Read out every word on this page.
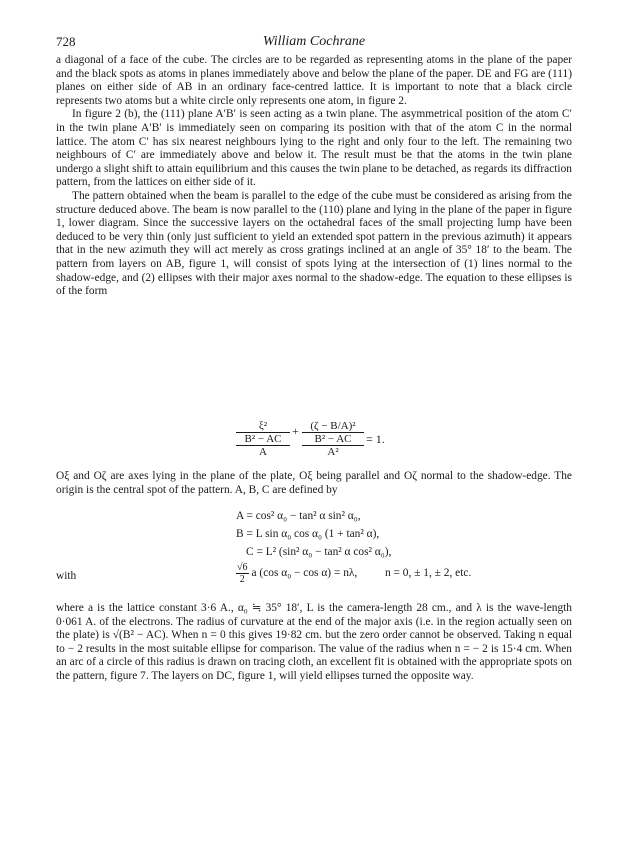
728	William Cochrane

a diagonal of a face of the cube. The circles are to be regarded as representing atoms in the plane of the paper and the black spots as atoms in planes immediately above and below the plane of the paper. DE and FG are (111) planes on either side of AB in an ordinary face-centred lattice. It is important to note that a black circle represents two atoms but a white circle only represents one atom, in figure 2.

In figure 2 (b), the (111) plane A′B′ is seen acting as a twin plane. The asymmetrical position of the atom C′ in the twin plane A′B′ is immediately seen on comparing its position with that of the atom C in the normal lattice. The atom C′ has six nearest neighbours lying to the right and only four to the left. The remaining two neighbours of C′ are immediately above and below it. The result must be that the atoms in the twin plane undergo a slight shift to attain equilibrium and this causes the twin plane to be detached, as regards its diffraction pattern, from the lattices on either side of it.

The pattern obtained when the beam is parallel to the edge of the cube must be considered as arising from the structure deduced above. The beam is now parallel to the (110) plane and lying in the plane of the paper in figure 1, lower diagram. Since the successive layers on the octahedral faces of the small projecting lump have been deduced to be very thin (only just sufficient to yield an extended spot pattern in the previous azimuth) it appears that in the new azimuth they will act merely as cross gratings inclined at an angle of 35° 18′ to the beam. The pattern from layers on AB, figure 1, will consist of spots lying at the intersection of (1) lines normal to the shadow-edge, and (2) ellipses with their major axes normal to the shadow-edge. The equation to these ellipses is of the form

ξ²
B² − AC
A
+	(ζ − B/A)²
B² − AC
A²
= 1.

Oξ and Oζ are axes lying in the plane of the plate, Oξ being parallel and Oζ normal to the shadow-edge. The origin is the central spot of the pattern. A, B, C are defined by

A = cos² α₀ − tan² α sin² α₀,
B = L sin α₀ cos α₀ (1 + tan² α),
C = L² (sin² α₀ − tan² α cos² α₀),
with	$\frac{√6}{2}$ a (cos α₀ − cos α) = nλ, n = 0, ± 1, ± 2, etc.

where a is the lattice constant 3·6 A., α₀ ≒ 35° 18′, L is the camera-length 28 cm., and λ is the wave-length 0·061 A. of the electrons. The radius of curvature at the end of the major axis (i.e. in the region actually seen on the plate) is √(B² − AC). When n = 0 this gives 19·82 cm. but the zero order cannot be observed. Taking n equal to − 2 results in the most suitable ellipse for comparison. The value of the radius when n = − 2 is 15·4 cm. When an arc of a circle of this radius is drawn on tracing cloth, an excellent fit is obtained with the appropriate spots on the pattern, figure 7. The layers on DC, figure 1, will yield ellipses turned the opposite way.
